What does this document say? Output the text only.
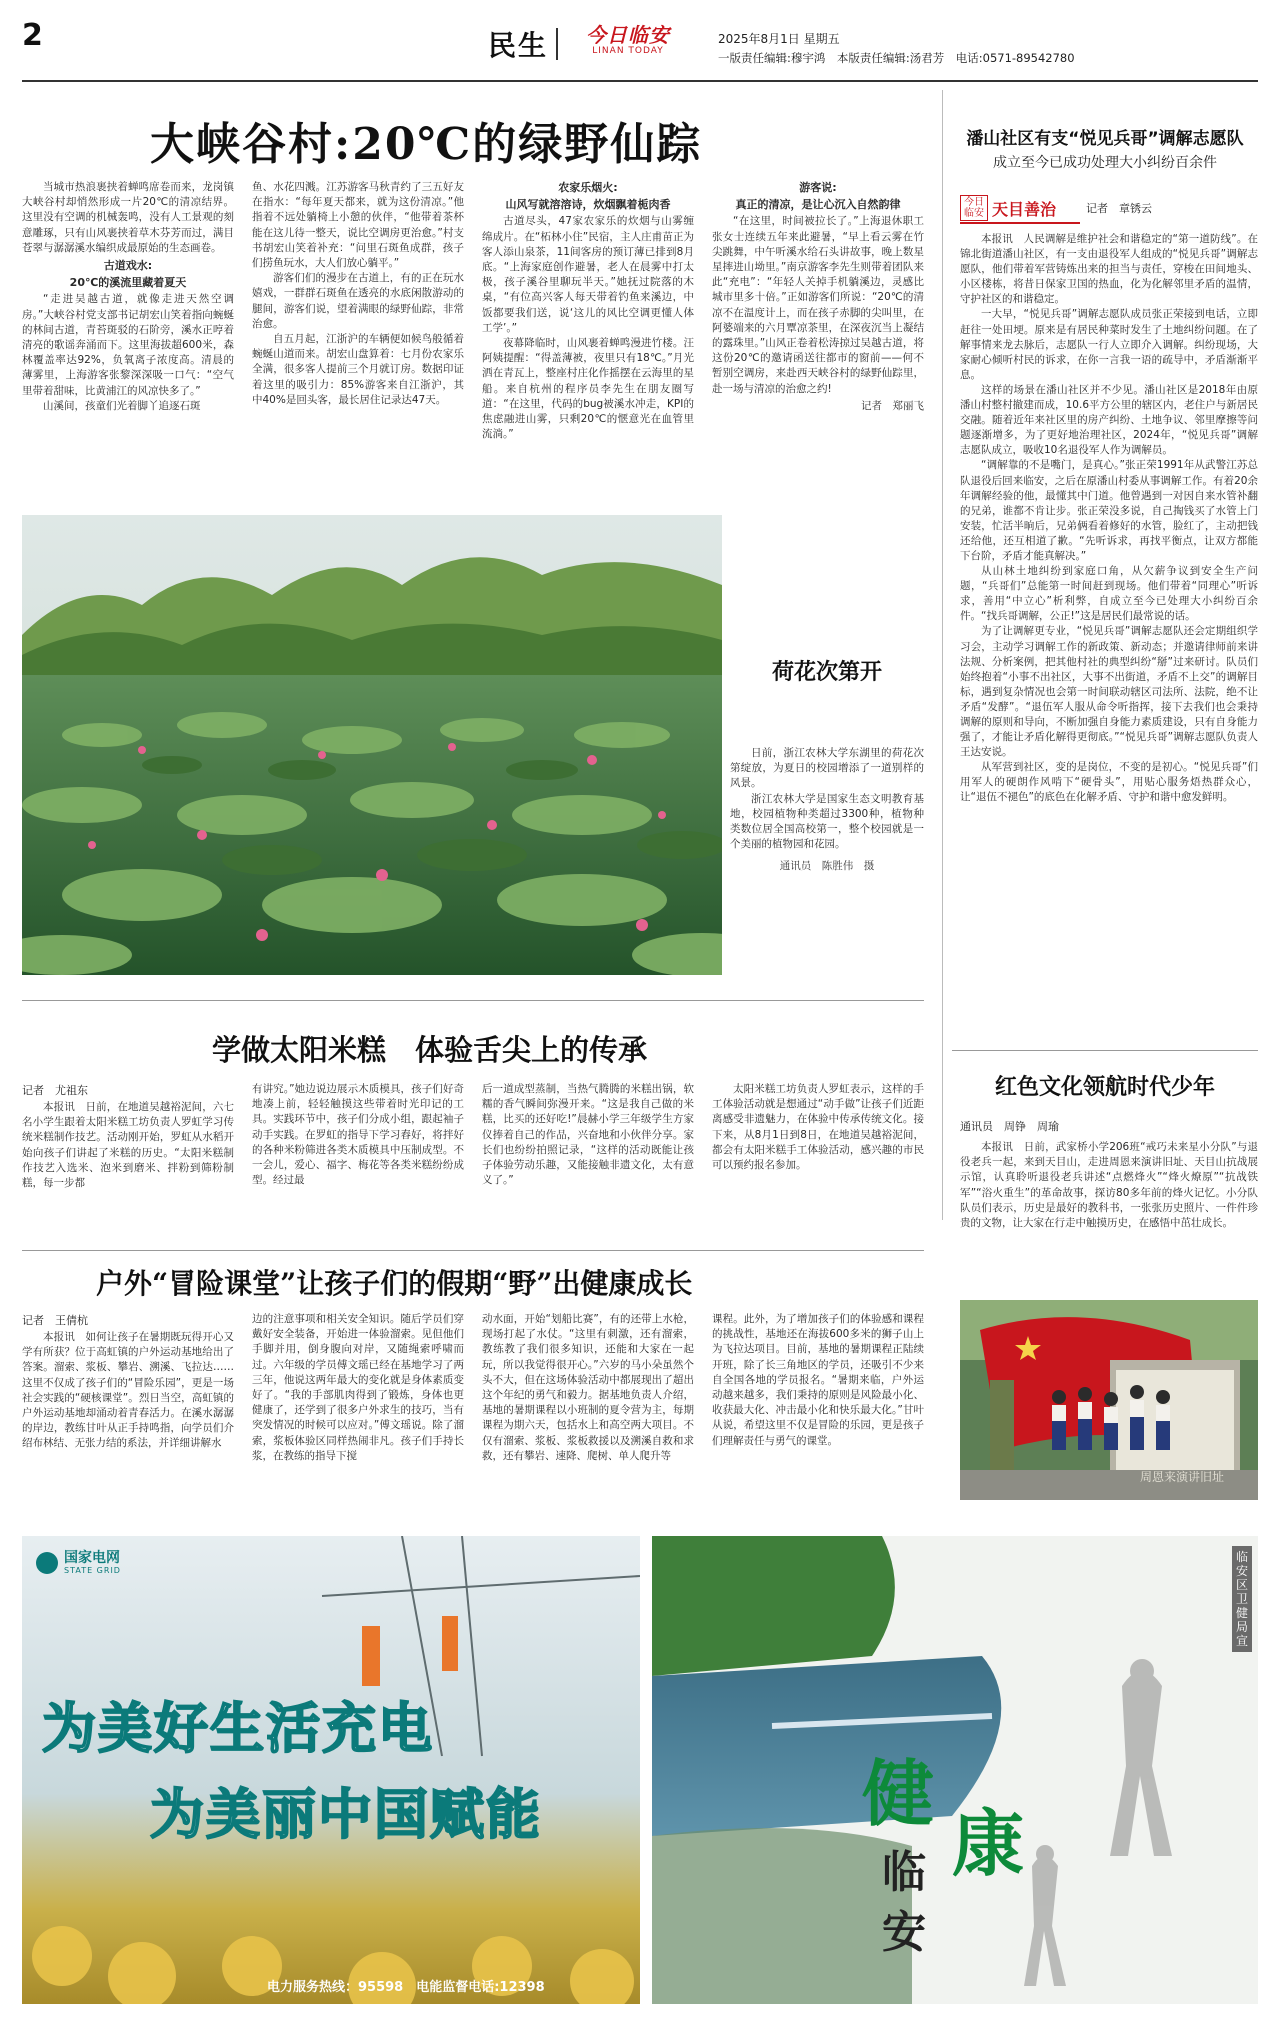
2	民生	今日临安
LINAN TODAY
2025年8月1日 星期五
一版责任编辑:穆宇鸿　本版责任编辑:汤君芳　电话:0571-89542780
大峡谷村:20℃的绿野仙踪

当城市热浪裹挟着蝉鸣席卷而来，龙岗镇大峡谷村却悄然形成一片20℃的清凉结界。这里没有空调的机械轰鸣，没有人工景观的刻意雕琢，只有山风裹挟着草木芬芳而过，满目苍翠与潺潺溪水编织成最原始的生态画卷。

古道戏水:
20℃的溪流里藏着夏天

“走进吴越古道，就像走进天然空调房。”大峡谷村党支部书记胡宏山笑着指向蜿蜒的林间古道，青苔斑驳的石阶旁，溪水正哼着清亮的歌谣奔涌而下。这里海拔超600米，森林覆盖率达92%，负氧离子浓度高。清晨的薄雾里，上海游客张黎深深吸一口气：“空气里带着甜味，比黄浦江的风凉快多了。”

山溪间，孩童们光着脚丫追逐石斑

鱼、水花四溅。江苏游客马秋青约了三五好友在指水：“每年夏天都来，就为这份清凉。”他指着不远处躺椅上小憩的伙伴，“他带着茶杯能在这儿待一整天，说比空调房更治愈。”村支书胡宏山笑着补充：“问里石斑鱼成群，孩子们捞鱼玩水，大人们放心躺平。”

游客们们的漫步在古道上，有的正在玩水嬉戏，一群群石斑鱼在透亮的水底闲散游动的腿间，游客们说，望着满眼的绿野仙踪，非常治愈。

自五月起，江浙沪的车辆便如候鸟般循着蜿蜒山道而来。胡宏山盘算着：七月份农家乐全满，很多客人提前三个月就订房。数据印证着这里的吸引力：85%游客来自江浙沪，其中40%是回头客，最长居住记录达47天。

农家乐烟火:
山风写就溶溶诗，炊烟飘着栀肉香

古道尽头，47家农家乐的炊烟与山雾缠绵成片。在“柘林小住”民宿，主人庄甫苗正为客人添山泉茶，11间客房的预订薄已排到8月底。“上海家庭创作避暑，老人在晨雾中打太极，孩子溪谷里聊玩半天。”她抚过院落的木桌，“有位高兴客人每天带着钓鱼来溪边，中饭都要我们送，说‘这儿的风比空调更懂人体工学’。”

夜幕降临时，山风裹着蝉鸣漫进竹楼。汪阿姨提醒：“得盖薄被，夜里只有18℃。”月光洒在青瓦上，整座村庄化作摇摆在云海里的星船。来自杭州的程序员李先生在朋友圈写道：“在这里，代码的bug被溪水冲走，KPI的焦虑融进山雾，只剩20℃的惬意光在血管里流淌。”

游客说:
真正的清凉，是让心沉入自然韵律

“在这里，时间被拉长了。”上海退休职工张女士连续五年来此避暑，“早上看云雾在竹尖跳舞，中午听溪水给石头讲故事，晚上数星星摔进山坳里。”南京游客李先生则带着团队来此“充电”：“年轻人关掉手机躺溪边，灵感比城市里多十倍。”正如游客们所说：“20℃的清凉不在温度计上，而在孩子赤脚的尖叫里，在阿婆端来的六月覃凉茶里，在深夜沉当上凝结的露珠里。”山风正卷着松涛掠过吴越古道，将这份20℃的邀请函送往都市的窗前——何不暂别空调房，来赴西天峡谷村的绿野仙踪里，赴一场与清凉的治愈之约!

记者　郑丽飞
荷花次第开

日前，浙江农林大学东湖里的荷花次第绽放，为夏日的校园增添了一道别样的风景。

浙江农林大学是国家生态文明教育基地，校园植物种类超过3300种，植物种类数位居全国高校第一，整个校园就是一个美丽的植物园和花园。

通讯员　陈胜伟　摄
潘山社区有支“悦见兵哥”调解志愿队
成立至今已成功处理大小纠纷百余件
今日临安 天目善治	记者　章锈云

本报讯　人民调解是维护社会和谐稳定的“第一道防线”。在锦北街道潘山社区，有一支由退役军人组成的“悦见兵哥”调解志愿队，他们带着军营铸炼出来的担当与责任，穿梭在田间地头、小区楼栋，将昔日保家卫国的热血，化为化解邻里矛盾的温情，守护社区的和谐稳定。

一大早，“悦见兵哥”调解志愿队成员张正荣接到电话，立即赶往一处田埂。原来是有居民种菜时发生了土地纠纷问题。在了解事情来龙去脉后，志愿队一行人立即介入调解。纠纷现场，大家耐心倾听村民的诉求，在你一言我一语的疏导中，矛盾渐渐平息。

这样的场景在潘山社区并不少见。潘山社区是2018年由原潘山村整村撤建而成，10.6平方公里的辖区内，老住户与新居民交融。随着近年来社区里的房产纠纷、土地争议、邻里摩擦等问题逐渐增多，为了更好地治理社区，2024年，“悦见兵哥”调解志愿队成立，吸收10名退役军人作为调解员。

“调解靠的不是嘴门，是真心。”张正荣1991年从武警江苏总队退役后回来临安，之后在原潘山村委从事调解工作。有着20余年调解经验的他，最懂其中门道。他曾遇到一对因自来水管补翻的兄弟，谁都不肯让步。张正荣没多说，自己掏钱买了水管上门安装，忙活半晌后，兄弟俩看着修好的水管，脸红了，主动把钱还给他，还互相道了歉。“先听诉求，再找平衡点，让双方都能下台阶，矛盾才能真解决。”

从山林土地纠纷到家庭口角，从欠薪争议到安全生产问题，“兵哥们”总能第一时间赶到现场。他们带着“同理心”听诉求，善用“中立心”析利弊，自成立至今已处理大小纠纷百余件。“找兵哥调解，公正!”这是居民们最常说的话。

为了让调解更专业，“悦见兵哥”调解志愿队还会定期组织学习会，主动学习调解工作的新政策、新动态；并邀请律师前来讲法规、分析案例，把其他村社的典型纠纷“掰”过来研讨。队员们始终抱着“小事不出社区，大事不出街道，矛盾不上交”的调解目标，遇到复杂情况也会第一时间联动辖区司法所、法院，绝不让矛盾“发酵”。“退伍军人服从命令听指挥，接下去我们也会秉持调解的原则和导向，不断加强自身能力素质建设，只有自身能力强了，才能让矛盾化解得更彻底。”“悦见兵哥”调解志愿队负责人王达安说。

从军营到社区，变的是岗位，不变的是初心。“悦见兵哥”们用军人的硬朗作风啃下“硬骨头”，用贴心服务焐热群众心，让“退伍不褪色”的底色在化解矛盾、守护和谐中愈发鲜明。

学做太阳米糕　体验舌尖上的传承
记者　尤祖东

本报讯　日前，在地道吴越裕泥间，六七名小学生跟着太阳米糕工坊负责人罗虹学习传统米糕制作技艺。活动刚开始，罗虹从水稻开始向孩子们讲起了米糕的历史。“太阳米糕制作技艺入选米、泡米到磨米、拌粉到筛粉制糕，每一步都

有讲究。”她边说边展示木质模具，孩子们好奇地凑上前，轻轻触摸这些带着时光印记的工具。实践环节中，孩子们分成小组，跟起袖子动手实践。在罗虹的指导下学习舂好，将拌好的各种米粉筛进各类木质模具中压制成型。不一会儿，爱心、福字、梅花等各类米糕纷纷成型。经过最

后一道成型蒸制，当热气腾腾的米糕出锅，软糯的香气瞬间弥漫开来。“这是我自己做的米糕，比买的还好吃!”晨赫小学三年级学生方家仪捧着自己的作品，兴奋地和小伙伴分享。家长们也纷纷拍照记录，“这样的活动既能让孩子体验劳动乐趣，又能接触非遗文化，太有意义了。”

太阳米糕工坊负责人罗虹表示，这样的手工体验活动就是想通过“动手做”让孩子们近距离感受非遗魅力，在体验中传承传统文化。接下来，从8月1日到8日，在地道吴越裕泥间，都会有太阳米糕手工体验活动，感兴趣的市民可以预约报名参加。

红色文化领航时代少年
通讯员　周铮　周瑜

本报讯　日前，武家桥小学206班“戒巧未来星小分队”与退役老兵一起，来到天目山，走进周恩来演讲旧址、天目山抗战展示馆，认真聆听退役老兵讲述“点燃烽火”“烽火燎原”“抗战铁军”“浴火重生”的革命故事，探访80多年前的烽火记忆。小分队队员们表示，历史是最好的教科书，一张张历史照片、一件件珍贵的文物，让大家在行走中触摸历史，在感悟中茁壮成长。

周恩来演讲旧址
户外“冒险课堂”让孩子们的假期“野”出健康成长
记者　王倩杭

本报讯　如何让孩子在暑期既玩得开心又学有所获？位于高虹镇的户外运动基地给出了答案。溜索、浆板、攀岩、溯溪、飞拉达……这里不仅成了孩子们的“冒险乐园”，更是一场社会实践的“硬核课堂”。烈日当空，高虹镇的户外运动基地却涌动着青春活力。在溪水潺潺的岸边，教练甘叶从正手持鸣指，向学员们介绍布林结、无张力结的系法，并详细讲解水

边的注意事项和相关安全知识。随后学员们穿戴好安全装备，开始进一体验溜索。见但他们手脚并用，倒身腹向对岸，又随绳索呼啸而过。六年级的学员傅文瑶已经在基地学习了两三年，他说这两年最大的变化就是身体素质变好了。“我的手部肌肉得到了锻炼，身体也更健康了，还学到了很多户外求生的技巧，当有突发情况的时候可以应对。”傅文瑶说。除了溜索，浆板体验区同样热闹非凡。孩子们手持长浆，在教练的指导下搅

动水面，开始“划船比赛”，有的还带上水枪，现场打起了水仗。“这里有刺激，还有溜索，教练教了我们很多知识，还能和大家在一起玩，所以我觉得很开心。”六岁的马小朵虽然个头不大，但在这场体验活动中都展现出了超出这个年纪的勇气和毅力。据基地负责人介绍，基地的暑期课程以小班制的夏令营为主，每期课程为期六天，包括水上和高空两大项目。不仅有溜索、浆板、浆板救援以及溯溪自救和求救，还有攀岩、速降、爬树、单人爬升等

课程。此外，为了增加孩子们的体验感和课程的挑战性，基地还在海拔600多米的狮子山上为飞拉达项目。目前，基地的暑期课程正陆续开班，除了长三角地区的学员，还吸引不少来自全国各地的学员报名。“暑期来临，户外运动越来越多，我们秉持的原则是风险最小化、收获最大化、冲击最小化和快乐最大化。”甘叶从说，希望这里不仅是冒险的乐园，更是孩子们理解责任与勇气的课堂。

国家电网
STATE GRID
为美好生活充电
为美丽中国赋能
电力服务热线：95598　电能监督电话:12398
临安区卫健局宣
健
康
临
安
